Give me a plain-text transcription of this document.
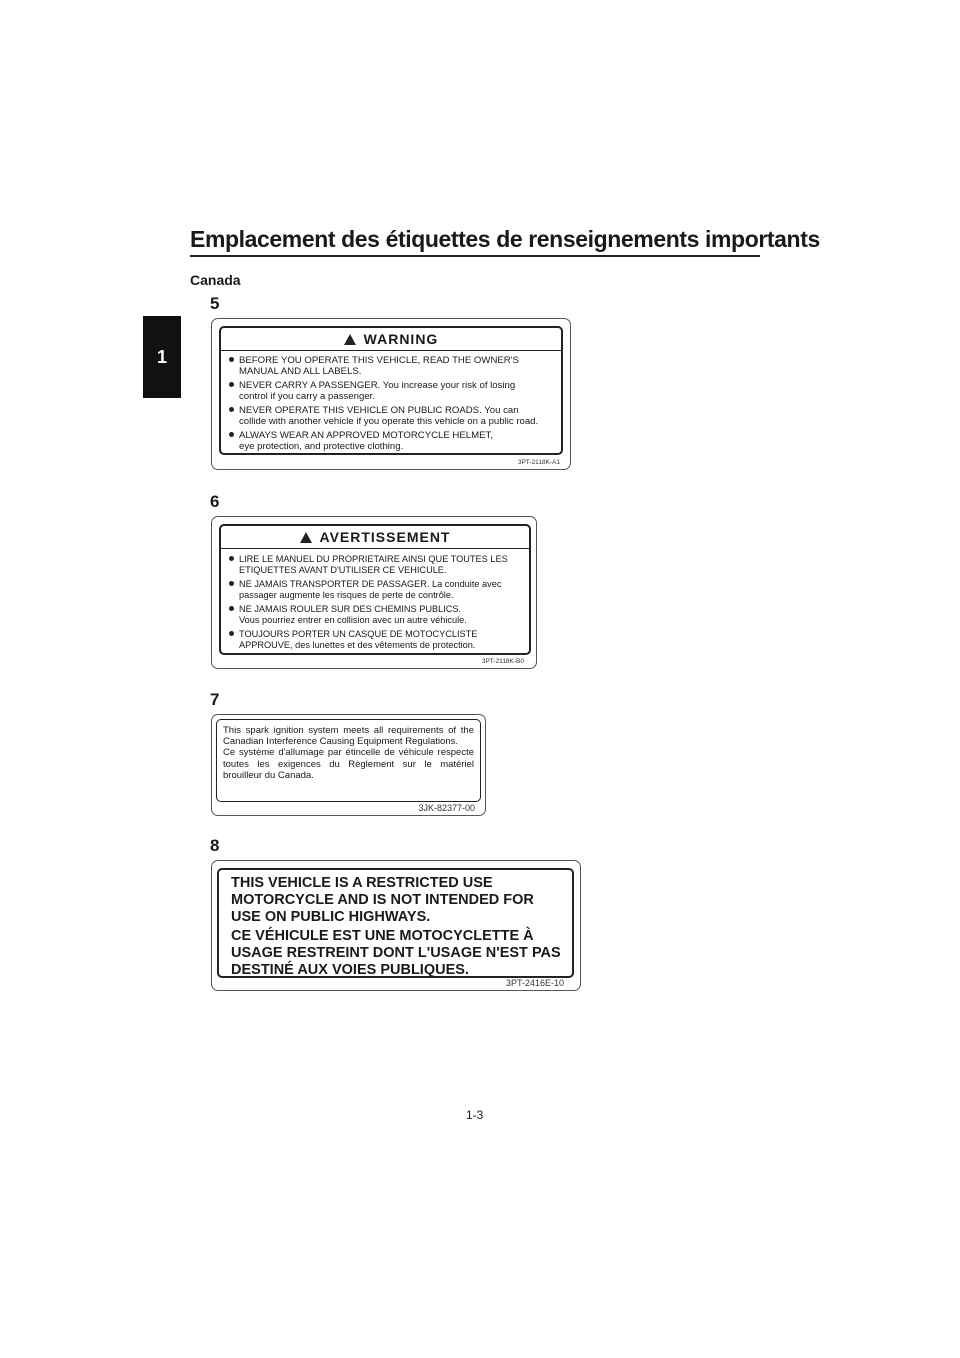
1
Emplacement des étiquettes de renseignements importants
Canada
5
WARNING
BEFORE YOU OPERATE THIS VEHICLE, READ THE OWNER'S
MANUAL AND ALL LABELS.
NEVER CARRY A PASSENGER. You increase your risk of losing
control if you carry a passenger.
NEVER OPERATE THIS VEHICLE ON PUBLIC ROADS. You can
collide with another vehicle if you operate this vehicle on a public road.
ALWAYS WEAR AN APPROVED MOTORCYCLE HELMET,
eye protection, and protective clothing.
3PT-2118K-A1
6
AVERTISSEMENT
LIRE LE MANUEL DU PROPRIETAIRE AINSI QUE TOUTES LES
ETIQUETTES AVANT D'UTILISER CE VEHICULE.
NE JAMAIS TRANSPORTER DE PASSAGER. La conduite avec
passager augmente les risques de perte de contrôle.
NE JAMAIS ROULER SUR DES CHEMINS PUBLICS.
Vous pourriez entrer en collision avec un autre véhicule.
TOUJOURS PORTER UN CASQUE DE MOTOCYCLISTE
APPROUVE, des lunettes et des vêtements de protection.
3PT-2118K-B0
7
This spark ignition system meets all requirements of the Canadian Interference Causing Equipment Regulations.
Ce système d'allumage par étincelle de véhicule respecte toutes les exigences du Règlement sur le matériel brouilleur du Canada.
3JK-82377-00
8
THIS VEHICLE IS A RESTRICTED USE
MOTORCYCLE AND IS NOT INTENDED FOR
USE ON PUBLIC HIGHWAYS.
CE VÉHICULE EST UNE MOTOCYCLETTE À
USAGE RESTREINT DONT L'USAGE N'EST PAS
DESTINÉ AUX VOIES PUBLIQUES.
3PT-2416E-10
1-3
